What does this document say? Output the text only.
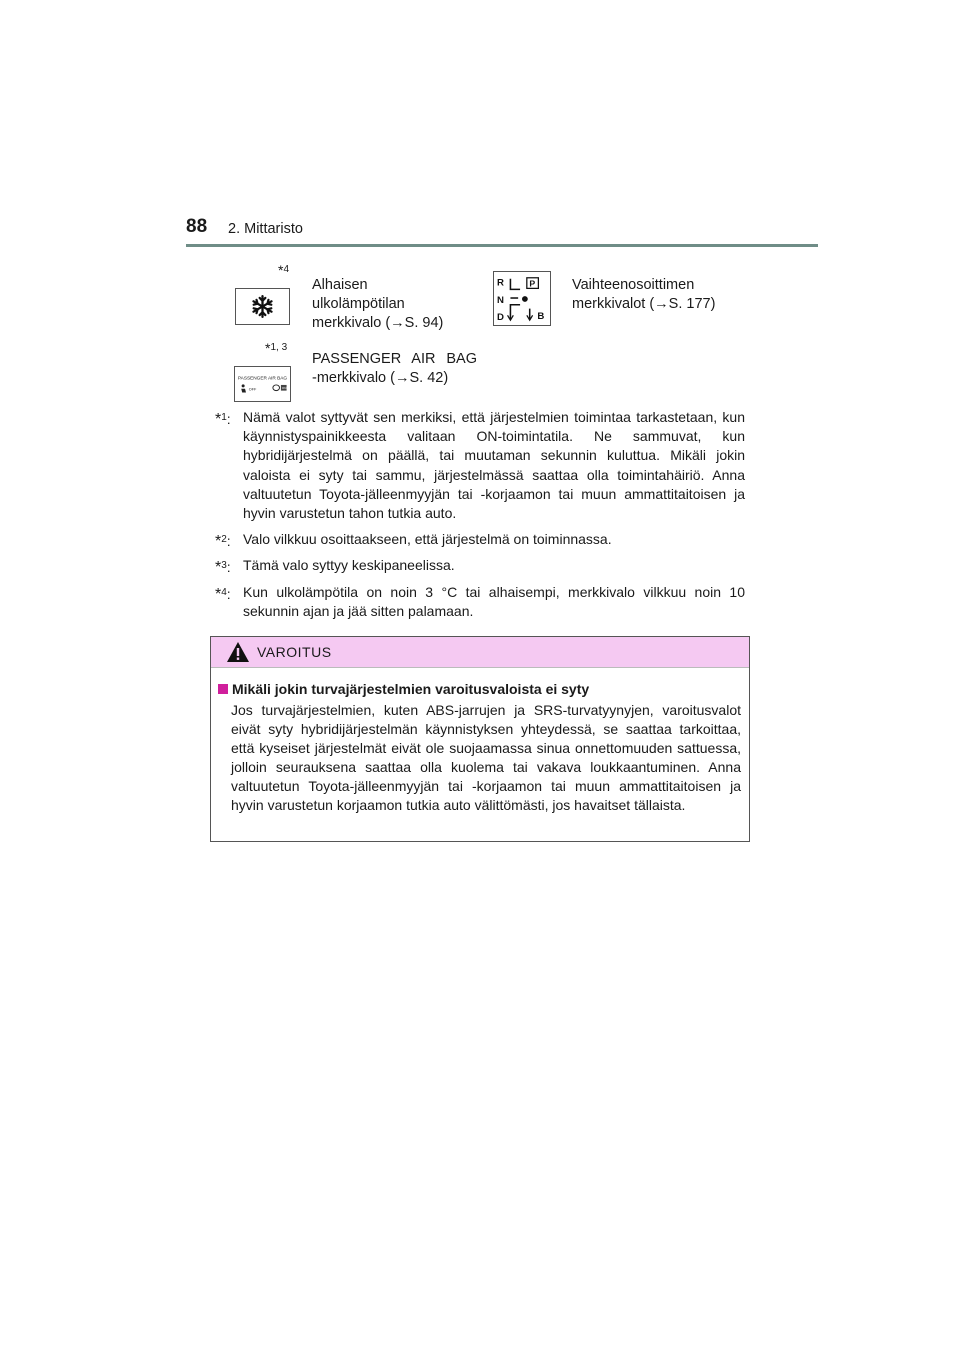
88 2. Mittaristo
*$^4$
Alhaisen ulkolämpötilan
merkkivalo (→S. 94)
R
N
D	B
P	Vaihteenosoittimen
merkkivalot (→S. 177)
*$^{1, 3}$
PASSENGER AIR BAG
OFF	ON
PASSENGER AIR BAG
-merkkivalo (→S. 42)
*$^1$: Nämä valot syttyvät sen merkiksi, että järjestelmien toimintaa tarkastetaan, kun käynnistyspainikkeesta valitaan ON-toimintatila. Ne sammuvat, kun hybridijärjestelmä on päällä, tai muutaman sekunnin kuluttua. Mikäli jokin valoista ei syty tai sammu, järjestelmässä saattaa olla toimintahäiriö. Anna valtuutetun Toyota-jälleenmyyjän tai -korjaamon tai muun ammattitaitoisen ja hyvin varustetun tahon tutkia auto.
*$^2$: Valo vilkkuu osoittaakseen, että järjestelmä on toiminnassa.
*$^3$: Tämä valo syttyy keskipaneelissa.
*$^4$: Kun ulkolämpötila on noin 3 °C tai alhaisempi, merkkivalo vilkkuu noin 10 sekunnin ajan ja jää sitten palamaan.
VAROITUS
Mikäli jokin turvajärjestelmien varoitusvaloista ei syty
Jos turvajärjestelmien, kuten ABS-jarrujen ja SRS-turvatyynyjen, varoitusvalot eivät syty hybridijärjestelmän käynnistyksen yhteydessä, se saattaa tarkoittaa, että kyseiset järjestelmät eivät ole suojaamassa sinua onnettomuuden sattuessa, jolloin seurauksena saattaa olla kuolema tai vakava loukkaantuminen. Anna valtuutetun Toyota-jälleenmyyjän tai -korjaamon tai muun ammattitaitoisen ja hyvin varustetun korjaamon tutkia auto välittömästi, jos havaitset tällaista.
